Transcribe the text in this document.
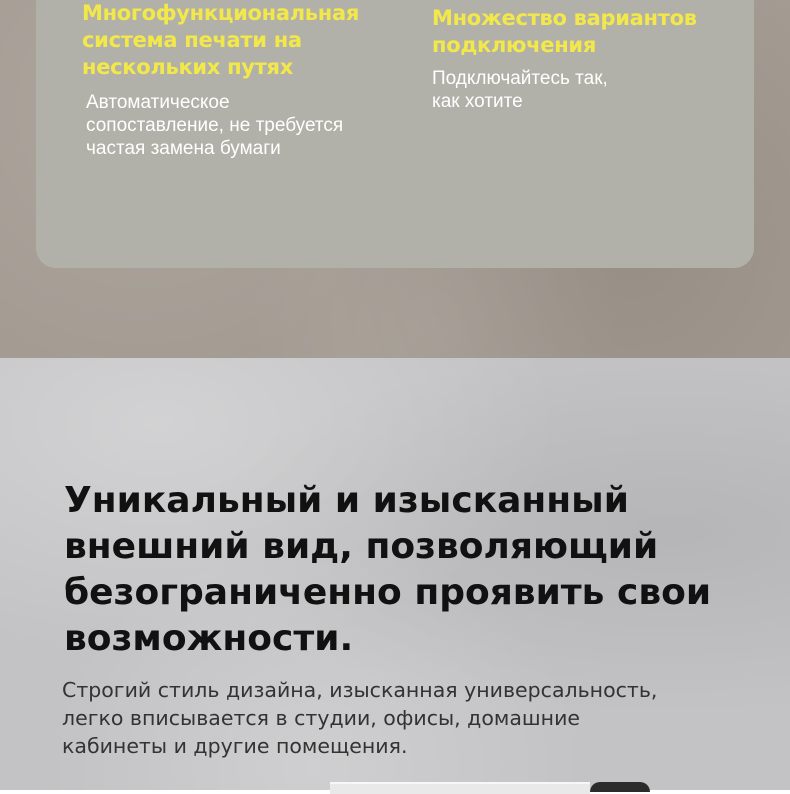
Многофункциональная
система печати на
нескольких путях
Автоматическое
сопоставление, не требуется
частая замена бумаги
Множество вариантов
подключения
Подключайтесь так,
как хотите
Уникальный и изысканный
внешний вид, позволяющий
безограниченно проявить свои
возможности.
Строгий стиль дизайна, изысканная универсальность,
легко вписывается в студии, офисы, домашние
кабинеты и другие помещения.
